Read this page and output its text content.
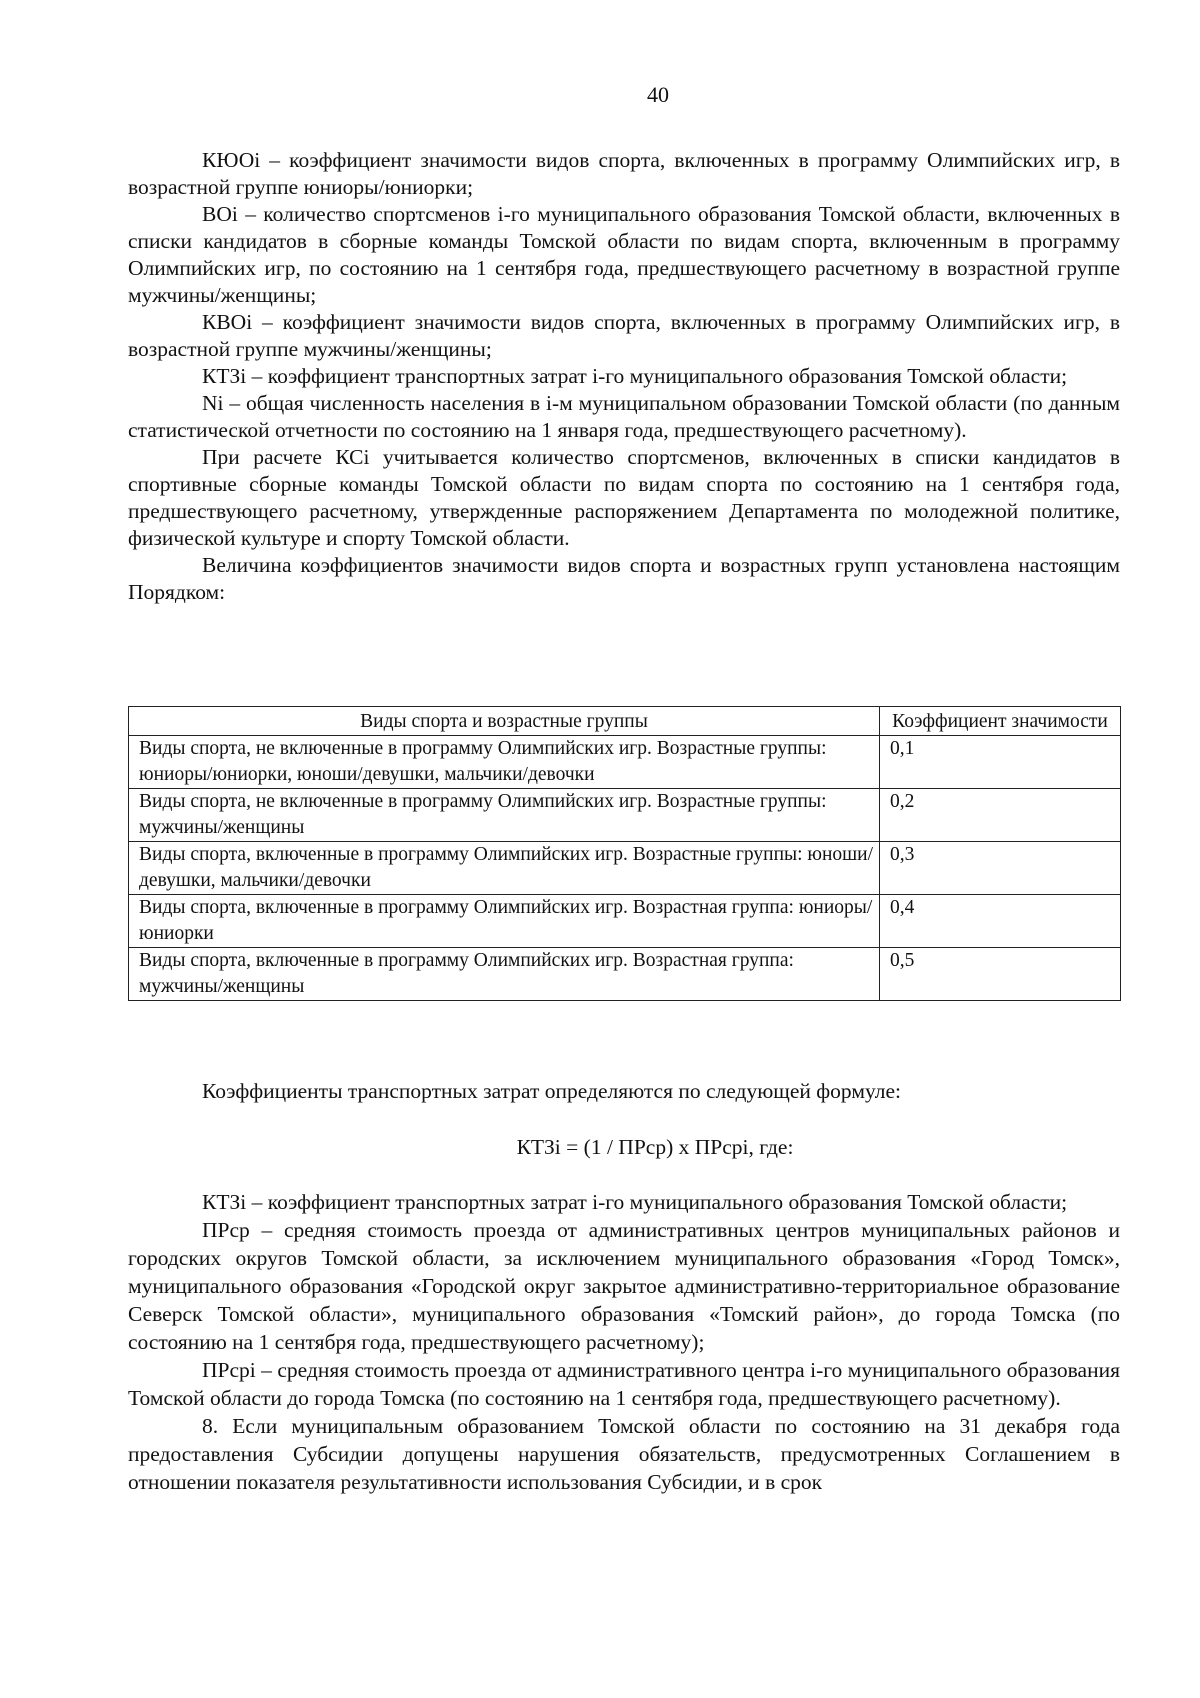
40

КЮОі – коэффициент значимости видов спорта, включенных в программу Олимпийских игр, в возрастной группе юниоры/юниорки;

ВОі – количество спортсменов і-го муниципального образования Томской области, включенных в списки кандидатов в сборные команды Томской области по видам спорта, включенным в программу Олимпийских игр, по состоянию на 1 сентября года, предшествующего расчетному в возрастной группе мужчины/женщины;

КВОі – коэффициент значимости видов спорта, включенных в программу Олимпийских игр, в возрастной группе мужчины/женщины;

КТЗі – коэффициент транспортных затрат і-го муниципального образования Томской области;

Ni – общая численность населения в і-м муниципальном образовании Томской области (по данным статистической отчетности по состоянию на 1 января года, предшествующего расчетному).

При расчете КСі учитывается количество спортсменов, включенных в списки кандидатов в спортивные сборные команды Томской области по видам спорта по состоянию на 1 сентября года, предшествующего расчетному, утвержденные распоряжением Департамента по молодежной политике, физической культуре и спорту Томской области.

Величина коэффициентов значимости видов спорта и возрастных групп установлена настоящим Порядком:

Виды спорта и возрастные группы	Коэффициент значимости
Виды спорта, не включенные в программу Олимпийских игр. Возрастные группы: юниоры/юниорки, юноши/девушки, мальчики/девочки	0,1
Виды спорта, не включенные в программу Олимпийских игр. Возрастные группы: мужчины/женщины	0,2
Виды спорта, включенные в программу Олимпийских игр. Возрастные группы: юноши/девушки, мальчики/девочки	0,3
Виды спорта, включенные в программу Олимпийских игр. Возрастная группа: юниоры/юниорки	0,4
Виды спорта, включенные в программу Олимпийских игр. Возрастная группа: мужчины/женщины	0,5
Коэффициенты транспортных затрат определяются по следующей формуле:
КТЗі = (1 / ПРср) x ПРсрі, где:

КТЗі – коэффициент транспортных затрат і-го муниципального образования Томской области;

ПРср – средняя стоимость проезда от административных центров муниципальных районов и городских округов Томской области, за исключением муниципального образования «Город Томск», муниципального образования «Городской округ закрытое административно-территориальное образование Северск Томской области», муниципального образования «Томский район», до города Томска (по состоянию на 1 сентября года, предшествующего расчетному);

ПРсрі – средняя стоимость проезда от административного центра і-го муниципального образования Томской области до города Томска (по состоянию на 1 сентября года, предшествующего расчетному).

8. Если муниципальным образованием Томской области по состоянию на 31 декабря года предоставления Субсидии допущены нарушения обязательств, предусмотренных Соглашением в отношении показателя результативности использования Субсидии, и в срок
